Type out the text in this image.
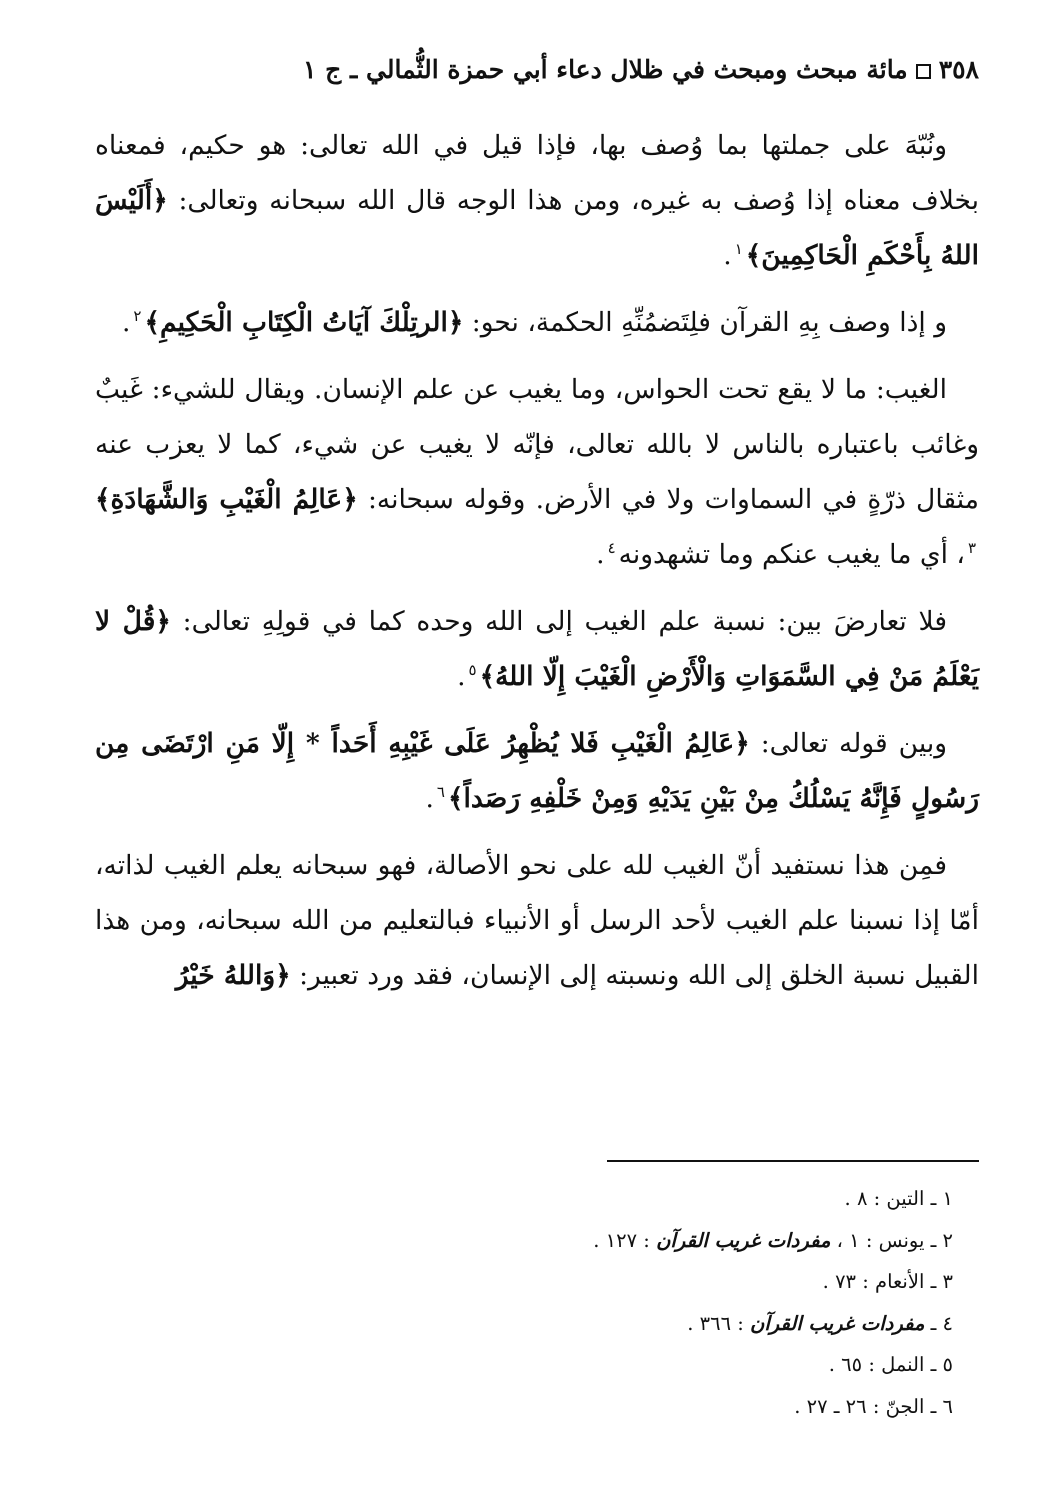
٣٥٨مائة مبحث ومبحث في ظلال دعاء أبي حمزة الثُّمالي ـ ج ١

ونُبّهَ على جملتها بما وُصف بها، فإذا قيل في الله تعالى: هو حكيم، فمعناه بخلاف معناه إذا وُصف به غيره، ومن هذا الوجه قال الله سبحانه وتعالى: ﴿أَلَيْسَ اللهُ بِأَحْكَمِ الْحَاكِمِينَ﴾$^١$.

و إذا وصف بِهِ القرآن فلِتَضمُنِّهِ الحكمة، نحو: ﴿الرتِلْكَ آيَاتُ الْكِتَابِ الْحَكِيمِ﴾$^٢$.

الغيب: ما لا يقع تحت الحواس، وما يغيب عن علم الإنسان. ويقال للشيء: غَيبٌ وغائب باعتباره بالناس لا بالله تعالى، فإنّه لا يغيب عن شيء، كما لا يعزب عنه مثقال ذرّةٍ في السماوات ولا في الأرض. وقوله سبحانه: ﴿عَالِمُ الْغَيْبِ وَالشَّهَادَةِ﴾$^٣$، أي ما يغيب عنكم وما تشهدونه$^٤$.

فلا تعارضَ بين: نسبة علم الغيب إلى الله وحده كما في قولِهِ تعالى: ﴿قُلْ لا يَعْلَمُ مَنْ فِي السَّمَوَاتِ وَالْأَرْضِ الْغَيْبَ إِلّا اللهُ﴾$^٥$.

وبين قوله تعالى: ﴿عَالِمُ الْغَيْبِ فَلا يُظْهِرُ عَلَى غَيْبِهِ أَحَداً * إِلّا مَنِ ارْتَضَى مِن رَسُولٍ فَإِنَّهُ يَسْلُكُ مِنْ بَيْنِ يَدَيْهِ وَمِنْ خَلْفِهِ رَصَداً﴾$^٦$.

فمِن هذا نستفيد أنّ الغيب لله على نحو الأصالة، فهو سبحانه يعلم الغيب لذاته، أمّا إذا نسبنا علم الغيب لأحد الرسل أو الأنبياء فبالتعليم من الله سبحانه، ومن هذا القبيل نسبة الخلق إلى الله ونسبته إلى الإنسان، فقد ورد تعبير: ﴿وَاللهُ خَيْرُ

١ ـ التين : ٨ .
٢ ـ يونس : ١ ، مفردات غريب القرآن : ١٢٧ .
٣ ـ الأنعام : ٧٣ .
٤ ـ مفردات غريب القرآن : ٣٦٦ .
٥ ـ النمل : ٦٥ .
٦ ـ الجنّ : ٢٦ ـ ٢٧ .
